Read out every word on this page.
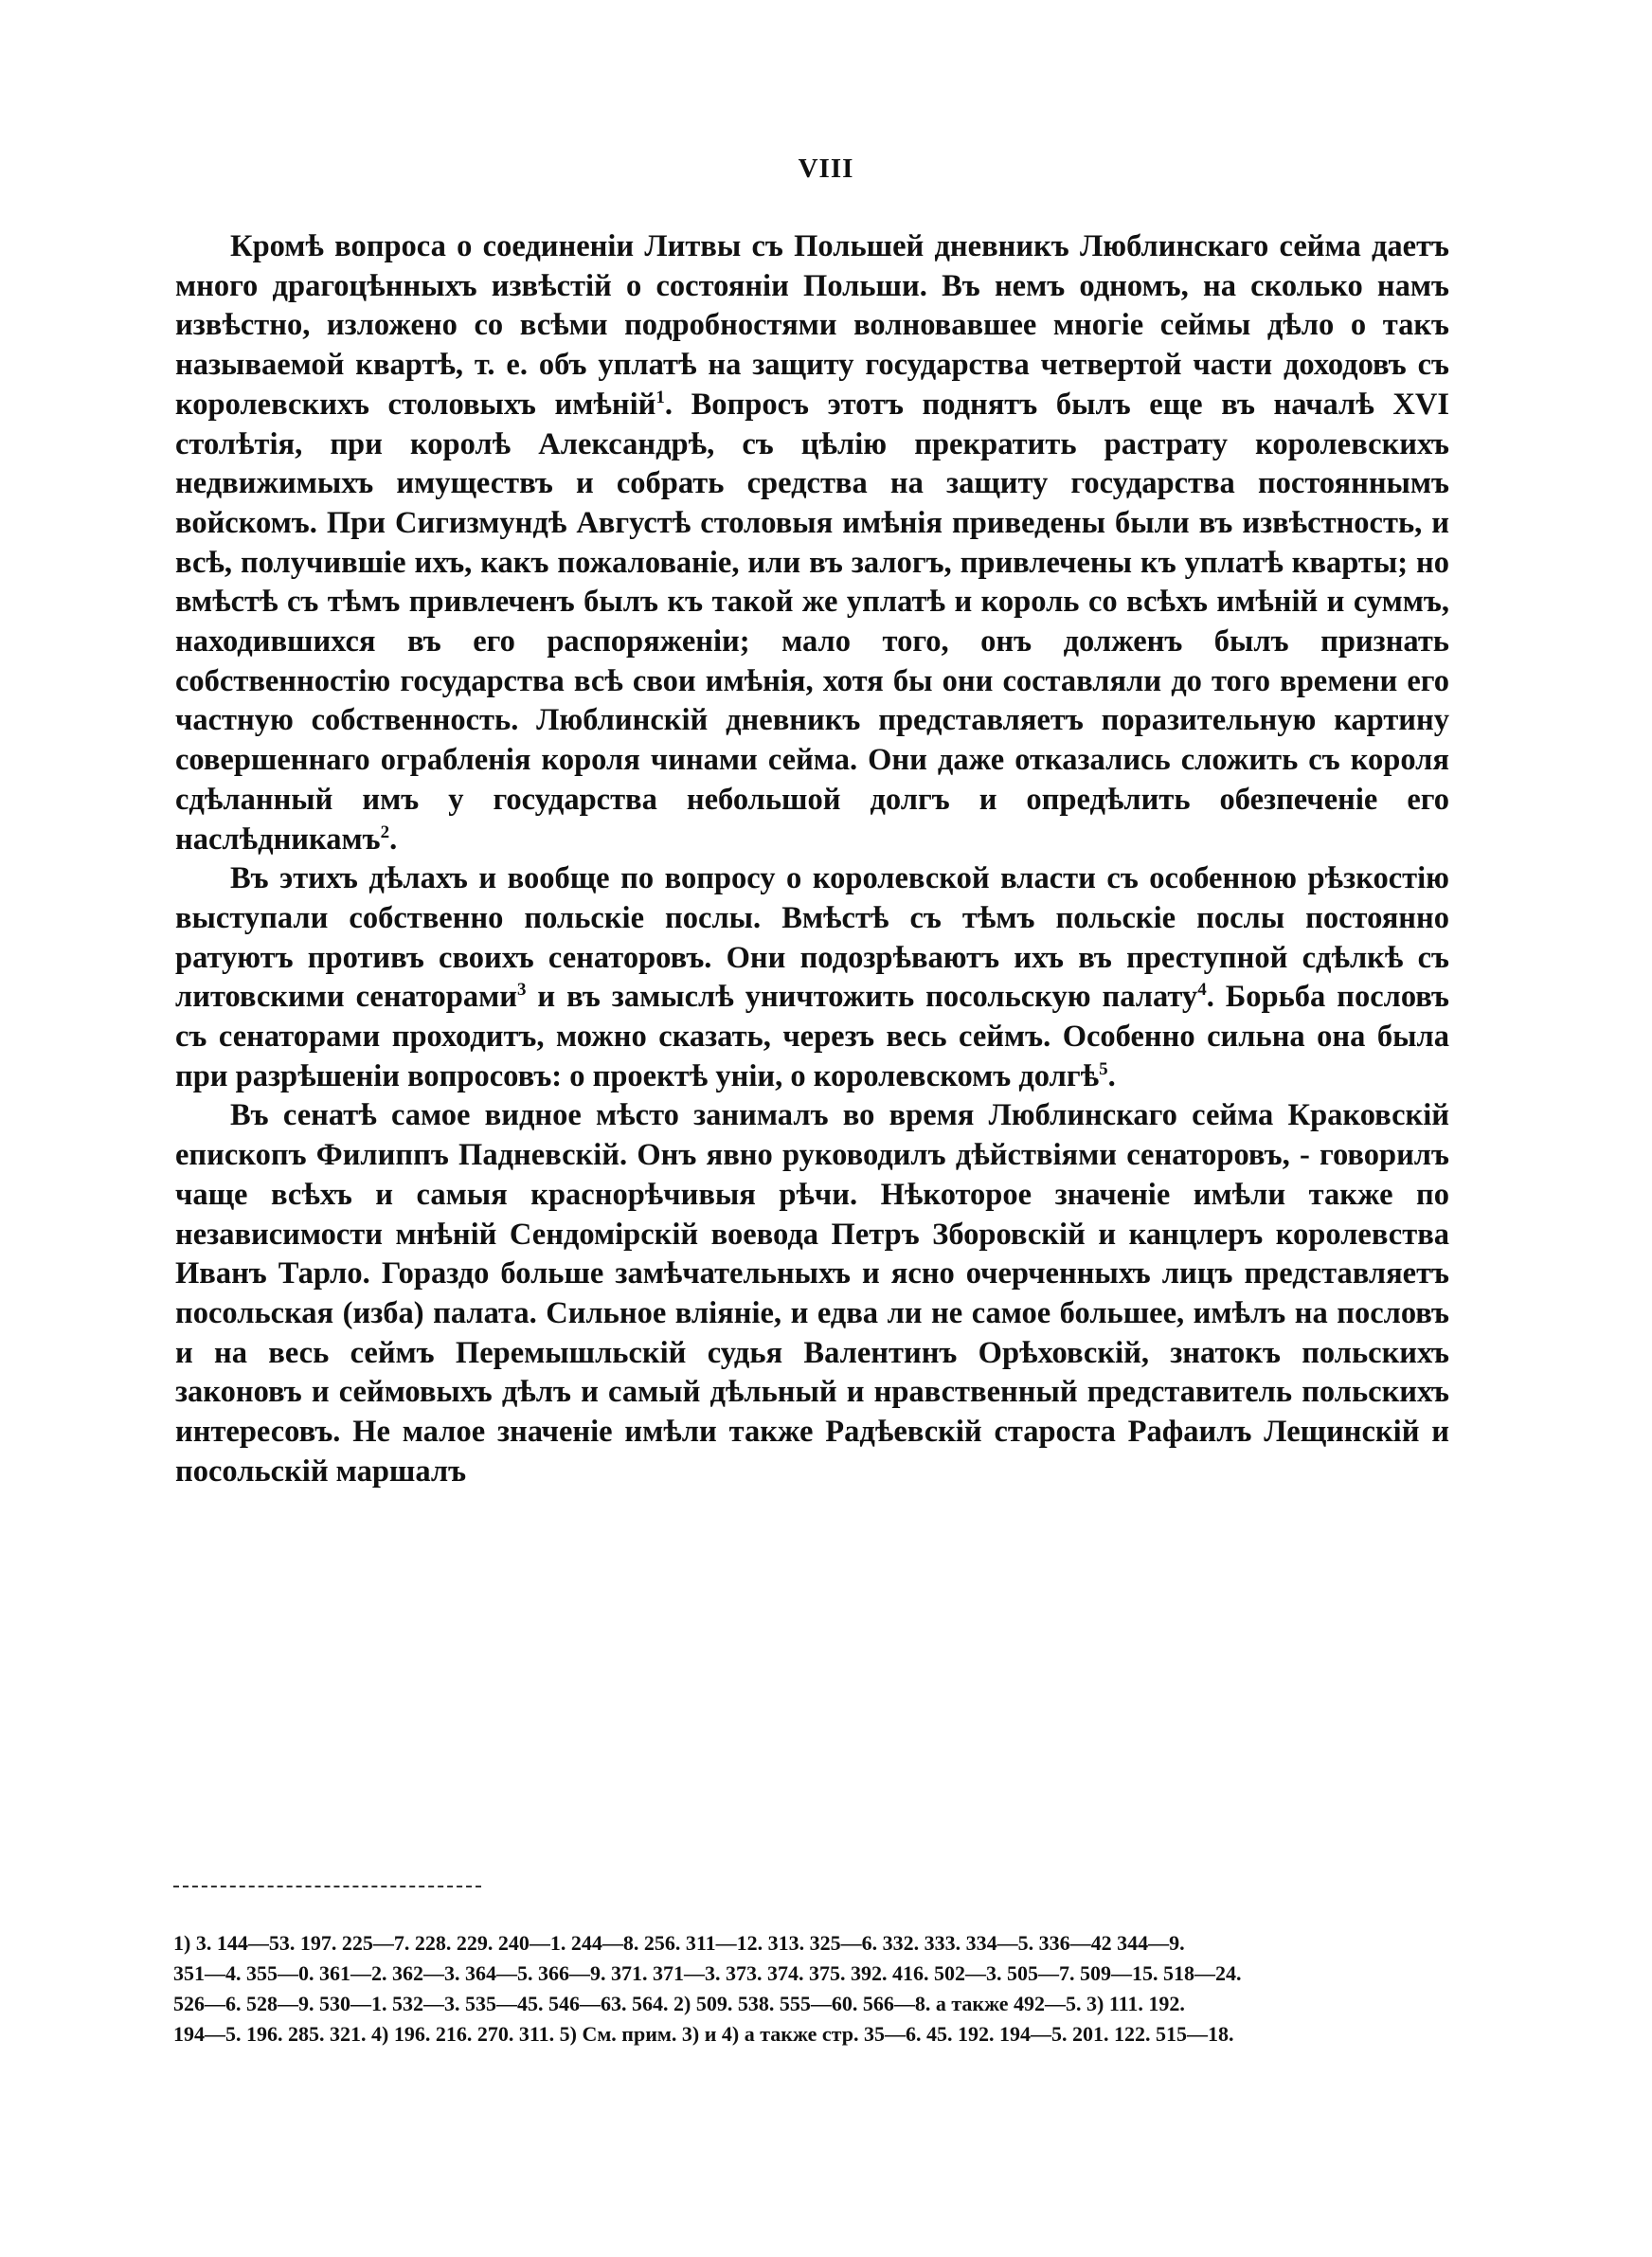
VIII

Кромѣ вопроса о соединеніи Литвы съ Польшей дневникъ Люблинскаго сейма даетъ много драгоцѣнныхъ извѣстій о состояніи Польши. Въ немъ одномъ, на сколько намъ извѣстно, изложено со всѣми подробностями волновавшее многіе сеймы дѣло о такъ называемой квартѣ, т. е. объ уплатѣ на защиту государства четвертой части доходовъ съ королевскихъ столовыхъ имѣній$^1$. Вопросъ этотъ поднятъ былъ еще въ началѣ XVI столѣтія, при королѣ Александрѣ, съ цѣлію прекратить растрату королевскихъ недвижимыхъ имуществъ и собрать средства на защиту государства постояннымъ войскомъ. При Сигизмундѣ Августѣ столовыя имѣнія приведены были въ извѣстность, и всѣ, получившіе ихъ, какъ пожалованіе, или въ залогъ, привлечены къ уплатѣ кварты; но вмѣстѣ съ тѣмъ привлеченъ былъ къ такой же уплатѣ и король со всѣхъ имѣній и суммъ, находившихся въ его распоряженіи; мало того, онъ долженъ былъ признать собственностію государства всѣ свои имѣнія, хотя бы они составляли до того времени его частную собственность. Люблинскій дневникъ представляетъ поразительную картину совершеннаго ограбленія короля чинами сейма. Они даже отказались сложить съ короля сдѣланный имъ у государства небольшой долгъ и опредѣлить обезпеченіе его наслѣдникамъ$^2$.

Въ этихъ дѣлахъ и вообще по вопросу о королевской власти съ особенною рѣзкостію выступали собственно польскіе послы. Вмѣстѣ съ тѣмъ польскіе послы постоянно ратуютъ противъ своихъ сенаторовъ. Они подозрѣваютъ ихъ въ преступной сдѣлкѣ съ литовскими сенаторами$^3$ и въ замыслѣ уничтожить посольскую палату$^4$. Борьба пословъ съ сенаторами проходитъ, можно сказать, черезъ весь сеймъ. Особенно сильна она была при разрѣшеніи вопросовъ: о проектѣ уніи, о королевскомъ долгѣ$^5$.

Въ сенатѣ самое видное мѣсто занималъ во время Люблинскаго сейма Краковскій епископъ Филиппъ Падневскій. Онъ явно руководилъ дѣйствіями сенаторовъ, - говорилъ чаще всѣхъ и самыя краснорѣчивыя рѣчи. Нѣкоторое значеніе имѣли также по независимости мнѣній Сендомірскій воевода Петръ Зборовскій и канцлеръ королевства Иванъ Тарло. Гораздо больше замѣчательныхъ и ясно очерченныхъ лицъ представляетъ посольская (изба) палата. Сильное вліяніе, и едва ли не самое большее, имѣлъ на пословъ и на весь сеймъ Перемышльскій судья Валентинъ Орѣховскій, знатокъ польскихъ законовъ и сеймовыхъ дѣлъ и самый дѣльный и нравственный представитель польскихъ интересовъ. Не малое значеніе имѣли также Радѣевскій староста Рафаилъ Лещинскій и посольскій маршалъ

1) 3. 144—53. 197. 225—7. 228. 229. 240—1. 244—8. 256. 311—12. 313. 325—6. 332. 333. 334—5. 336—42 344—9.

351—4. 355—0. 361—2. 362—3. 364—5. 366—9. 371. 371—3. 373. 374. 375. 392. 416. 502—3. 505—7. 509—15. 518—24.

526—6. 528—9. 530—1. 532—3. 535—45. 546—63. 564. 2) 509. 538. 555—60. 566—8. а также 492—5. 3) 111. 192.

194—5. 196. 285. 321. 4) 196. 216. 270. 311. 5) См. прим. 3) и 4) а также стр. 35—6. 45. 192. 194—5. 201. 122. 515—18.
